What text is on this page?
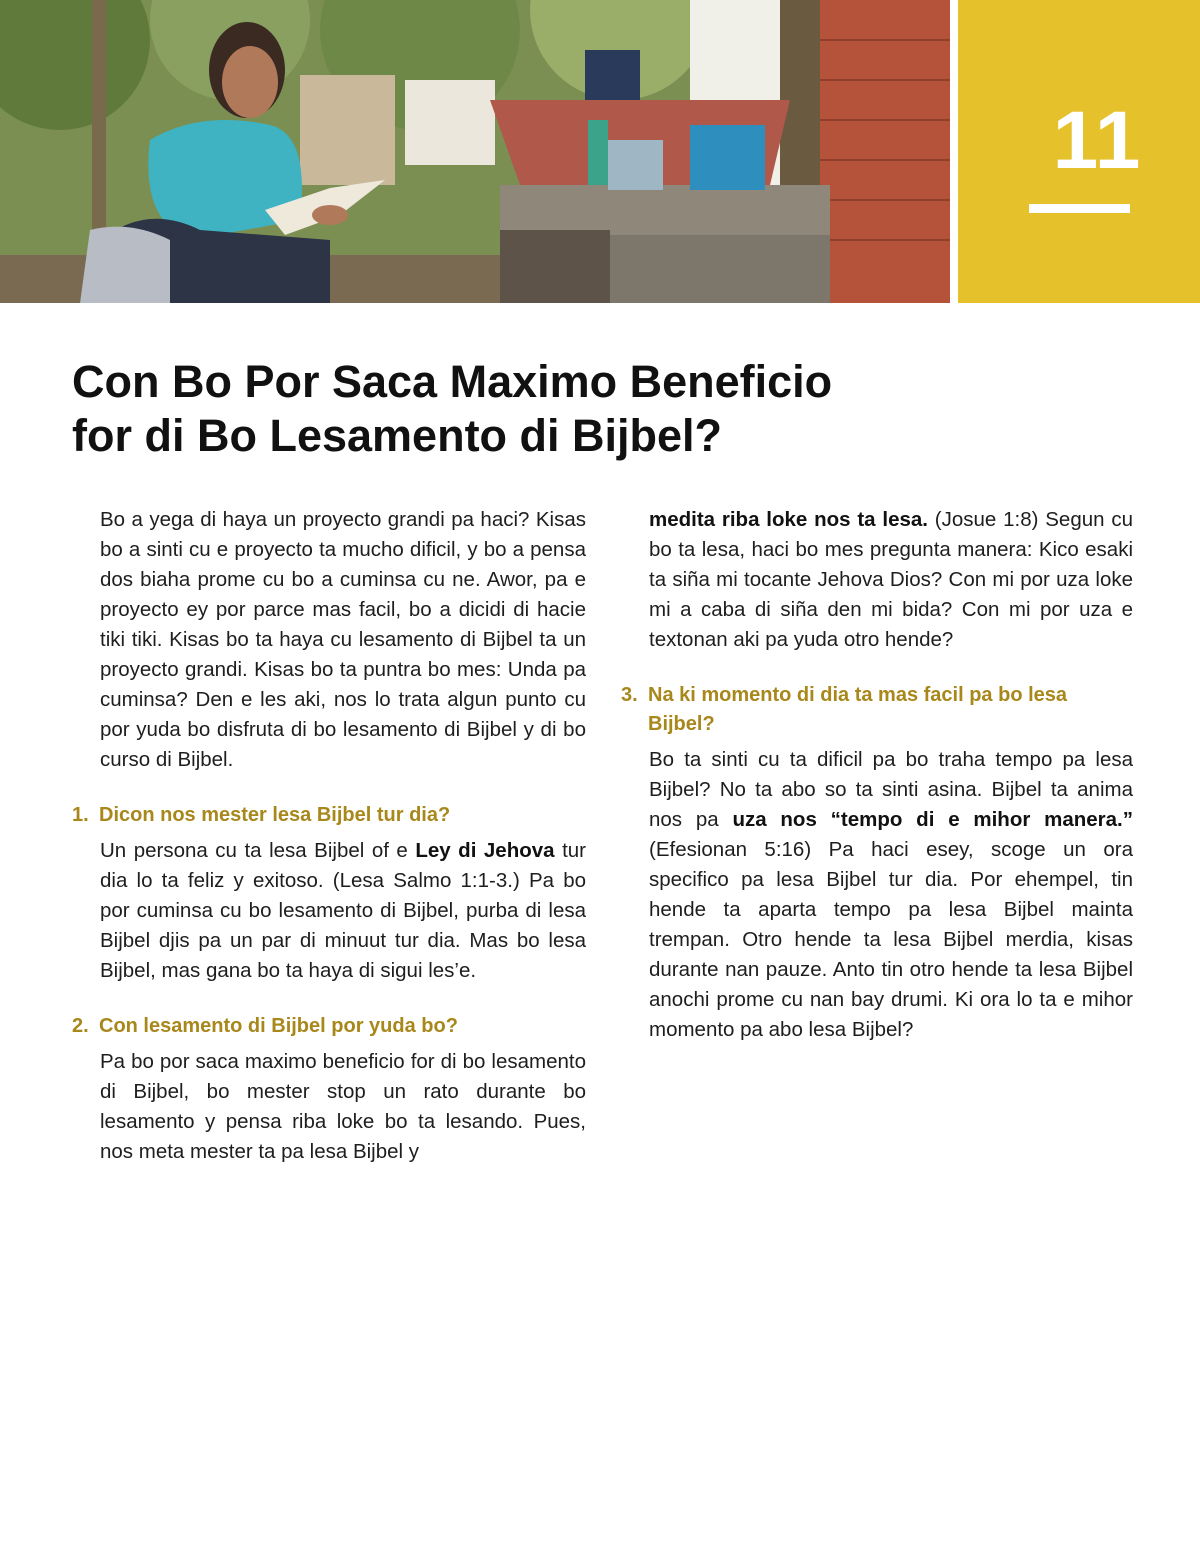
11
Con Bo Por Saca Maximo Beneficio
for di Bo Lesamento di Bijbel?

Bo a yega di haya un proyecto grandi pa haci? Kisas bo a sinti cu e proyecto ta mucho dificil, y bo a pensa dos biaha prome cu bo a cuminsa cu ne. Awor, pa e proyecto ey por parce mas facil, bo a dicidi di hacie tiki tiki. Kisas bo ta haya cu lesamento di Bijbel ta un proyecto grandi. Kisas bo ta puntra bo mes: Unda pa cuminsa? Den e les aki, nos lo trata algun punto cu por yuda bo disfruta di bo lesamento di Bijbel y di bo curso di Bijbel.

1. Dicon nos mester lesa Bijbel tur dia?

Un persona cu ta lesa Bijbel of e Ley di Jehova tur dia lo ta feliz y exitoso. (Lesa Salmo 1:1-3.) Pa bo por cuminsa cu bo lesamento di Bijbel, purba di lesa Bijbel djis pa un par di minuut tur dia. Mas bo lesa Bijbel, mas gana bo ta haya di sigui les’e.

2. Con lesamento di Bijbel por yuda bo?

Pa bo por saca maximo beneficio for di bo lesamento di Bijbel, bo mester stop un rato durante bo lesamento y pensa riba loke bo ta lesando. Pues, nos meta mester ta pa lesa Bijbel y

medita riba loke nos ta lesa. (Josue 1:8) Segun cu bo ta lesa, haci bo mes pregunta manera: Kico esaki ta siña mi tocante Jehova Dios? Con mi por uza loke mi a caba di siña den mi bida? Con mi por uza e textonan aki pa yuda otro hende?

3. Na ki momento di dia ta mas facil pa bo lesa Bijbel?

Bo ta sinti cu ta dificil pa bo traha tempo pa lesa Bijbel? No ta abo so ta sinti asina. Bijbel ta anima nos pa uza nos “tempo di e mihor manera.” (Efesionan 5:16) Pa haci esey, scoge un ora specifico pa lesa Bijbel tur dia. Por ehempel, tin hende ta aparta tempo pa lesa Bijbel mainta trempan. Otro hende ta lesa Bijbel merdia, kisas durante nan pauze. Anto tin otro hende ta lesa Bijbel anochi prome cu nan bay drumi. Ki ora lo ta e mihor momento pa abo lesa Bijbel?
